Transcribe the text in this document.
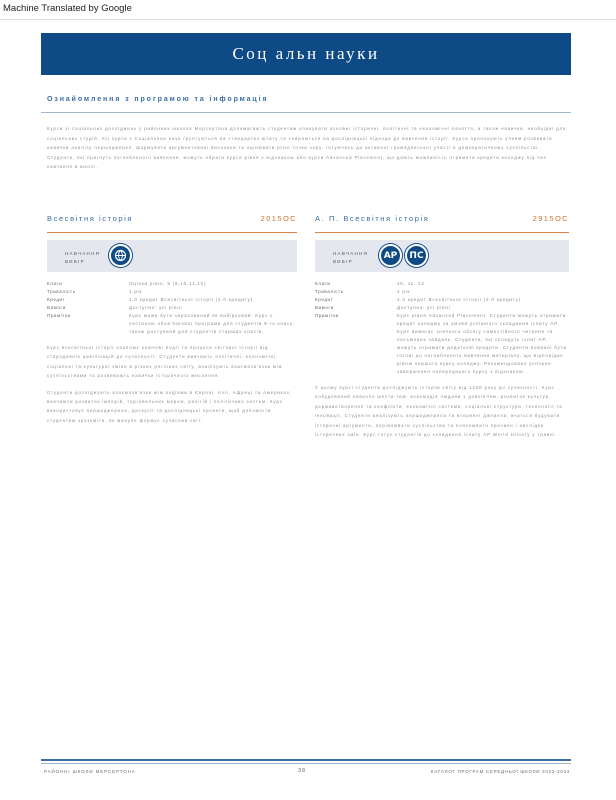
Machine Translated by Google
Соц альн науки
Ознайомлення з програмою та інформація
Курси зі соціальних досліджень у районних школах Мерсертона допомагають студентам опанувати основні історичні, політичні та економічні поняття, а також навички, необхідні для соціальних студій. Усі курси з Соціальних наук ґрунтуються на стандартах штату та спираються на дослідницькі підходи до вивчення історії. Курси пропонують учням розвивати навички аналізу першоджерел, формувати аргументовані висновки та оцінювати різні точки зору, готуючись до активної громадянської участі в демократичному суспільстві. Студенти, які прагнуть поглибленого вивчення, можуть обрати курси рівня з відзнакою або курси Advanced Placement, що дають можливість отримати кредити коледжу під час навчання в школі.
Всесвітня історія	2015OC
НАВЧАННЯ ВИБІР
Класи	Оцінки рівні: 9 (9,10,11,12)
Тривалість	1 рік
Кредит	1.0 кредит Всесвітньої історії (2.0 кредиту)
Вимоги	Доступно: усі рівні
Примітки	Курс може бути зарахований як вибірковий. Курс є частиною обов'язкової програми для студентів 9-го класу; також доступний для студентів старших класів.

Курс всесвітньої історії охоплює ключові події та процеси світової історії від стародавніх цивілізацій до сучасності. Студенти вивчають політичні, економічні, соціальні та культурні зміни в різних регіонах світу, аналізують взаємозв'язки між суспільствами та розвивають навички історичного мислення.

Студенти досліджують взаємозв'язки між подіями в Європі, Азії, Африці та Америках, вивчаючи розвиток імперій, торговельних мереж, релігій і політичних систем. Курс використовує першоджерела, дискусії та дослідницькі проекти, щоб допомогти студентам зрозуміти, як минуле формує сучасний світ.

А. П. Всесвітня історія	2915OC
НАВЧАННЯ ВИБІР
АР	ПС
Класи	10, 11, 12
Тривалість	1 рік
Кредит	1.0 кредит Всесвітньої історії (2.0 кредиту)
Вимоги	Доступно: усі рівні
Примітки	Курс рівня Advanced Placement. Студенти можуть отримати кредит коледжу за умови успішного складання іспиту AP. Курс вимагає значного обсягу самостійного читання та письмових завдань. Студенти, які складуть іспит AP, можуть отримати додаткові кредити. Студенти повинні бути готові до поглибленого вивчення матеріалу, що відповідає рівню першого курсу коледжу. Рекомендовано успішне завершення попереднього курсу з відзнакою.

У цьому курсі студенти досліджують історію світу від 1200 року до сучасності. Курс побудований навколо шести тем: взаємодія людини з довкіллям, розвиток культур, державотворення та конфлікти, економічні системи, соціальні структури, технології та інновації. Студенти аналізують першоджерела та вторинні джерела, вчаться будувати історичні аргументи, порівнювати суспільства та пояснювати причини і наслідки історичних змін. Курс готує студентів до складання іспиту AP World History у травні.

РАЙОННІ ШКОЛИ МЕРСЕРТОНА	38	КАТАЛОГ ПРОГРАМ СЕРЕДНЬОЇ ШКОЛИ 2023-2024
